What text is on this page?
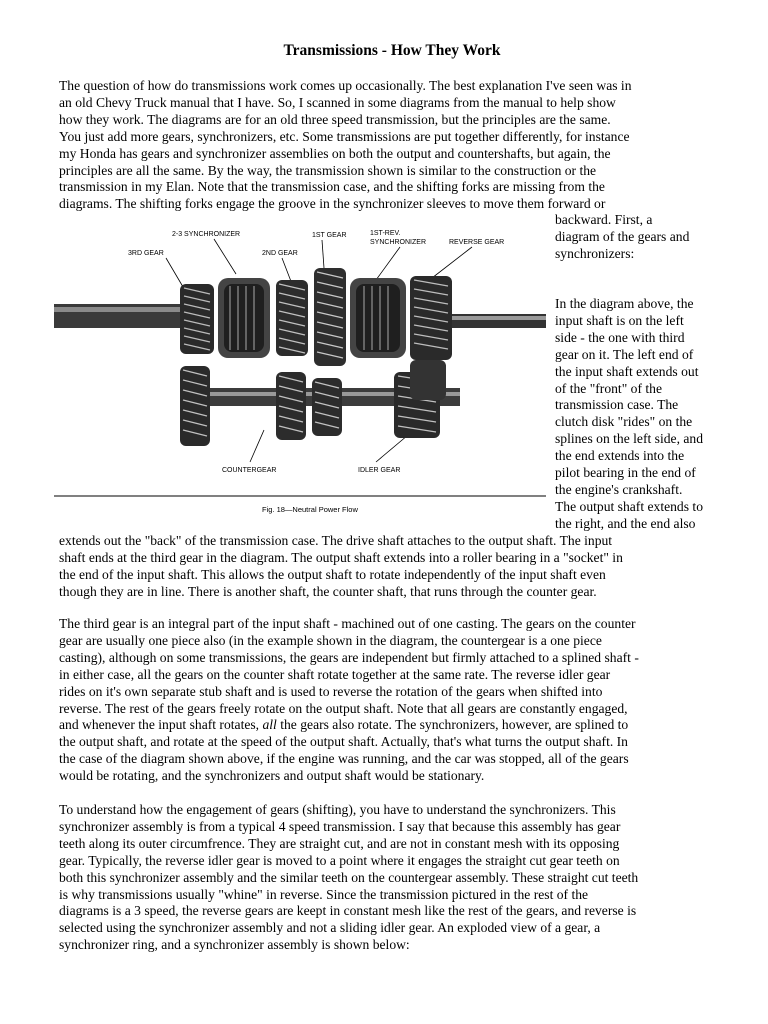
Transmissions - How They Work

The question of how do transmissions work comes up occasionally. The best explanation I've seen was in
an old Chevy Truck manual that I have. So, I scanned in some diagrams from the manual to help show
how they work. The diagrams are for an old three speed transmission, but the principles are the same.
You just add more gears, synchronizers, etc. Some transmissions are put together differently, for instance
my Honda has gears and synchronizer assemblies on both the output and countershafts, but again, the
principles are all the same. By the way, the transmission shown is similar to the construction or the
transmission in my Elan. Note that the transmission case, and the shifting forks are missing from the
diagrams. The shifting forks engage the groove in the synchronizer sleeves to move them forward or

backward. First, a
diagram of the gears and
synchronizers:

In the diagram above, the
input shaft is on the left
side - the one with third
gear on it. The left end of
the input shaft extends out
of the "front" of the
transmission case. The
clutch disk "rides" on the
splines on the left side, and
the end extends into the
pilot bearing in the end of
the engine's crankshaft.
The output shaft extends to
the right, and the end also

extends out the "back" of the transmission case. The drive shaft attaches to the output shaft. The input
shaft ends at the third gear in the diagram. The output shaft extends into a roller bearing in a "socket" in
the end of the input shaft. This allows the output shaft to rotate independently of the input shaft even
though they are in line. There is another shaft, the counter shaft, that runs through the counter gear.

The third gear is an integral part of the input shaft - machined out of one casting. The gears on the counter
gear are usually one piece also (in the example shown in the diagram, the countergear is a one piece
casting), although on some transmissions, the gears are independent but firmly attached to a splined shaft -
in either case, all the gears on the counter shaft rotate together at the same rate. The reverse idler gear
rides on it's own separate stub shaft and is used to reverse the rotation of the gears when shifted into
reverse. The rest of the gears freely rotate on the output shaft. Note that all gears are constantly engaged,
and whenever the input shaft rotates, all the gears also rotate. The synchronizers, however, are splined to
the output shaft, and rotate at the speed of the output shaft. Actually, that's what turns the output shaft. In
the case of the diagram shown above, if the engine was running, and the car was stopped, all of the gears
would be rotating, and the synchronizers and output shaft would be stationary.

To understand how the engagement of gears (shifting), you have to understand the synchronizers. This
synchronizer assembly is from a typical 4 speed transmission. I say that because this assembly has gear
teeth along its outer circumfrence. They are straight cut, and are not in constant mesh with its opposing
gear. Typically, the reverse idler gear is moved to a point where it engages the straight cut gear teeth on
both this synchronizer assembly and the similar teeth on the countergear assembly. These straight cut teeth
is why transmissions usually "whine" in reverse. Since the transmission pictured in the rest of the
diagrams is a 3 speed, the reverse gears are keept in constant mesh like the rest of the gears, and reverse is
selected using the synchronizer assembly and not a sliding idler gear. An exploded view of a gear, a
synchronizer ring, and a synchronizer assembly is shown below:

2-3 SYNCHRONIZER
3RD GEAR	2ND GEAR
1ST GEAR	1ST-REV.
SYNCHRONIZER	REVERSE GEAR
COUNTERGEAR	IDLER GEAR
Fig. 18—Neutral Power Flow
